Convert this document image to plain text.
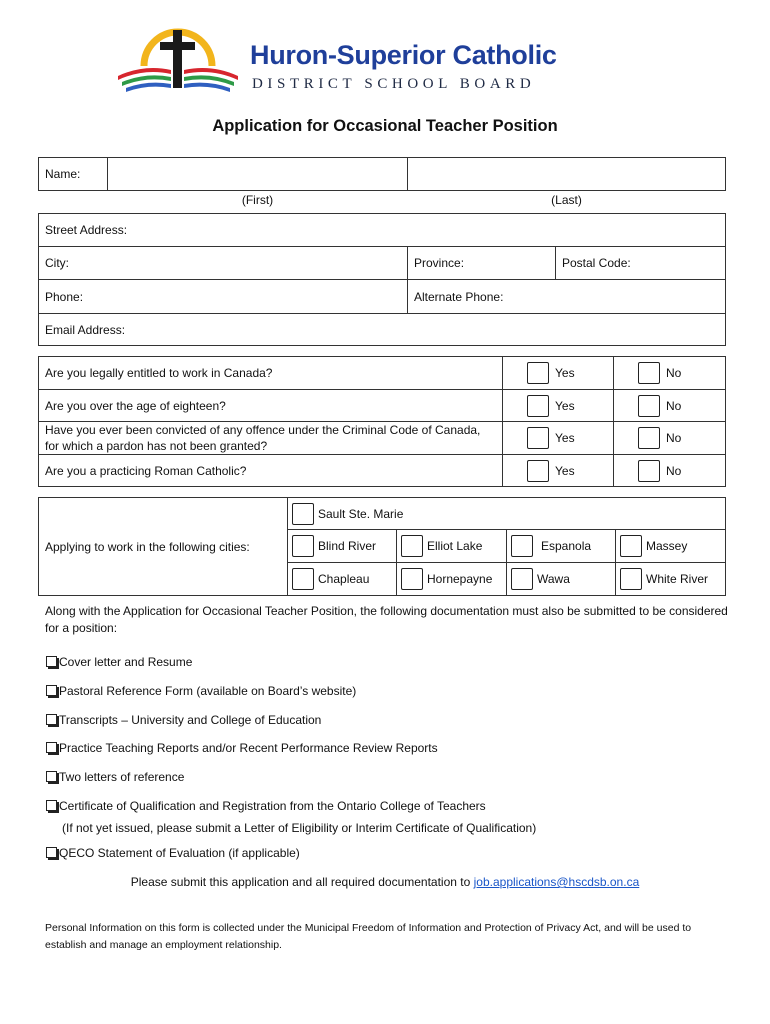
Huron-Superior Catholic
DISTRICT SCHOOL BOARD
Application for Occasional Teacher Position
Name:		
	(First)	(Last)
Street Address:		
City:	Province:	Postal Code:
Phone:	Alternate Phone:	
Email Address:		
Are you legally entitled to work in Canada?	Yes	No
Are you over the age of eighteen?	Yes	No
Have you ever been convicted of any offence under the Criminal Code of Canada, for which a pardon has not been granted?	Yes	No
Are you a practicing Roman Catholic?	Yes	No
Applying to work in the following cities:	Sault Ste. Marie			
	Blind River	Elliot Lake	Espanola	Massey
	Chapleau	Hornepayne	Wawa	White River
Along with the Application for Occasional Teacher Position, the following documentation must also be submitted to be considered for a position:
Cover letter and Resume
Pastoral Reference Form (available on Board’s website)
Transcripts – University and College of Education
Practice Teaching Reports and/or Recent Performance Review Reports
Two letters of reference
Certificate of Qualification and Registration from the Ontario College of Teachers
(If not yet issued, please submit a Letter of Eligibility or Interim Certificate of Qualification)
QECO Statement of Evaluation (if applicable)
Please submit this application and all required documentation to job.applications@hscdsb.on.ca
Personal Information on this form is collected under the Municipal Freedom of Information and Protection of Privacy Act, and will be used to establish and manage an employment relationship.
